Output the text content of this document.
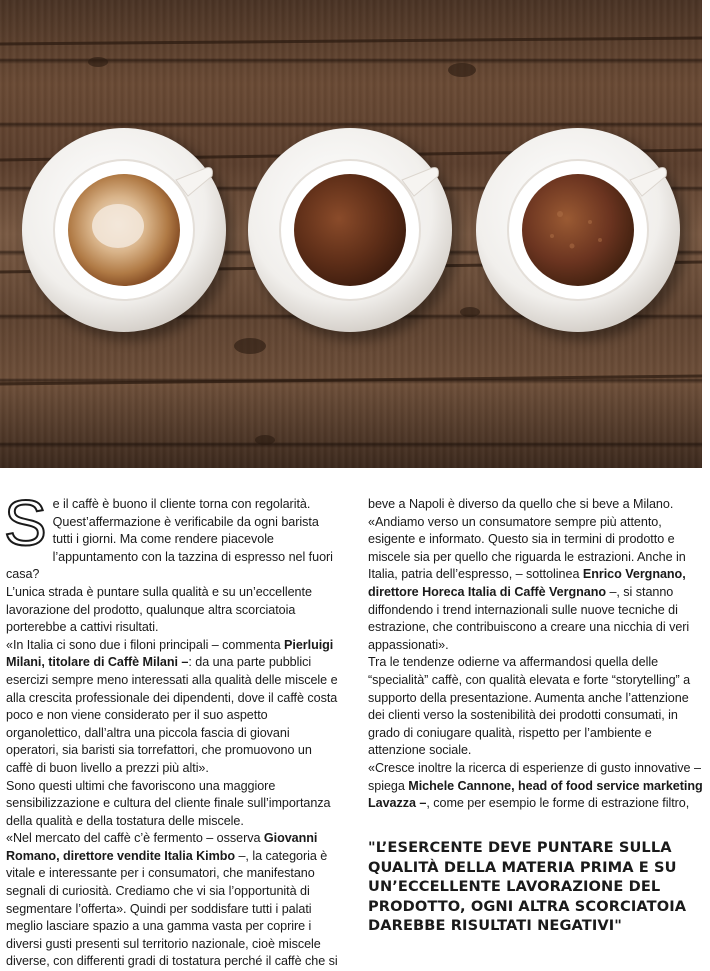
Se il caffè è buono il cliente torna con regolarità. Quest’affermazione è verificabile da ogni barista tutti i giorni. Ma come rendere piacevole l’appuntamento con la tazzina di espresso nel fuori casa?

L’unica strada è puntare sulla qualità e su un’eccellente lavorazione del prodotto, qualunque altra scorciatoia porterebbe a cattivi risultati.

«In Italia ci sono due i filoni principali – commenta Pierluigi Milani, titolare di Caffè Milani –: da una parte pubblici esercizi sempre meno interessati alla qualità delle miscele e alla crescita professionale dei dipendenti, dove il caffè costa poco e non viene considerato per il suo aspetto organolettico, dall’altra una piccola fascia di giovani operatori, sia baristi sia torrefattori, che promuovono un caffè di buon livello a prezzi più alti».

Sono questi ultimi che favoriscono una maggiore sensibilizzazione e cultura del cliente finale sull’importanza della qualità e della tostatura delle miscele.

«Nel mercato del caffè c’è fermento – osserva Giovanni Romano, direttore vendite Italia Kimbo –, la categoria è vitale e interessante per i consumatori, che manifestano segnali di curiosità. Crediamo che vi sia l’opportunità di segmentare l’offerta». Quindi per soddisfare tutti i palati meglio lasciare spazio a una gamma vasta per coprire i diversi gusti presenti sul territorio nazionale, cioè miscele diverse, con differenti gradi di tostatura perché il caffè che si

beve a Napoli è diverso da quello che si beve a Milano.

«Andiamo verso un consumatore sempre più attento, esigente e informato. Questo sia in termini di prodotto e miscele sia per quello che riguarda le estrazioni. Anche in Italia, patria dell’espresso, – sottolinea Enrico Vergnano, direttore Horeca Italia di Caffè Vergnano –, si stanno diffondendo i trend internazionali sulle nuove tecniche di estrazione, che contribuiscono a creare una nicchia di veri appassionati».

Tra le tendenze odierne va affermandosi quella delle “specialità” caffè, con qualità elevata e forte “storytelling” a supporto della presentazione. Aumenta anche l’attenzione dei clienti verso la sostenibilità dei prodotti consumati, in grado di coniugare qualità, rispetto per l’ambiente e attenzione sociale.

«Cresce inoltre la ricerca di esperienze di gusto innovative – spiega Michele Cannone, head of food service marketing Lavazza –, come per esempio le forme di estrazione filtro,

"L’ESERCENTE DEVE PUNTARE SULLA QUALITÀ DELLA MATERIA PRIMA E SU UN’ECCELLENTE LAVORAZIONE DEL PRODOTTO, OGNI ALTRA SCORCIATOIA DAREBBE RISULTATI NEGATIVI"
